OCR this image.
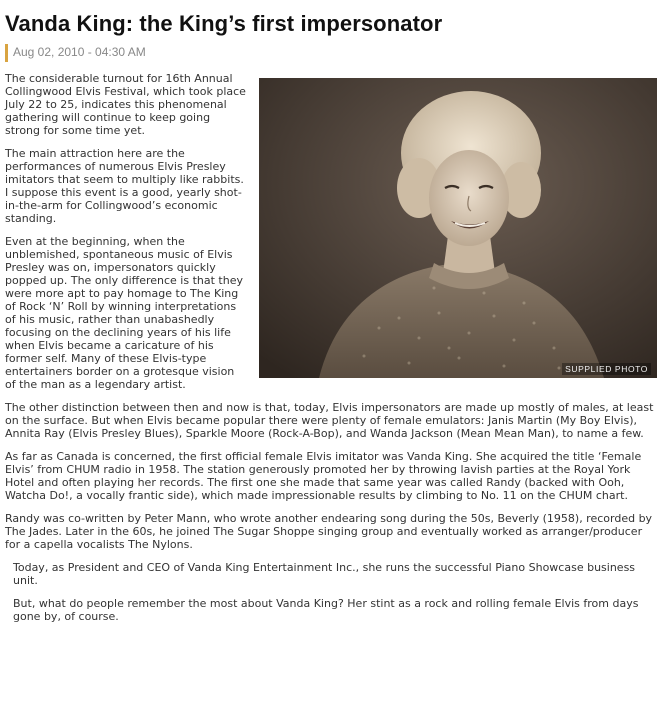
Vanda King: the King’s first impersonator
Aug 02, 2010 - 04:30 AM
SUPPLIED PHOTO

The considerable turnout for 16th Annual Collingwood Elvis Festival, which took place July 22 to 25, indicates this phenomenal gathering will continue to keep going strong for some time yet.

The main attraction here are the performances of numerous Elvis Presley imitators that seem to multiply like rabbits. I suppose this event is a good, yearly shot-in-the-arm for Collingwood’s economic standing.

Even at the beginning, when the unblemished, spontaneous music of Elvis Presley was on, impersonators quickly popped up. The only difference is that they were more apt to pay homage to The King of Rock ‘N’ Roll by winning interpretations of his music, rather than unabashedly focusing on the declining years of his life when Elvis became a caricature of his former self. Many of these Elvis-type entertainers border on a grotesque vision of the man as a legendary artist.

The other distinction between then and now is that, today, Elvis impersonators are made up mostly of males, at least on the surface. But when Elvis became popular there were plenty of female emulators: Janis Martin (My Boy Elvis), Annita Ray (Elvis Presley Blues), Sparkle Moore (Rock-A-Bop), and Wanda Jackson (Mean Mean Man), to name a few.

As far as Canada is concerned, the first official female Elvis imitator was Vanda King. She acquired the title ‘Female Elvis’ from CHUM radio in 1958. The station generously promoted her by throwing lavish parties at the Royal York Hotel and often playing her records. The first one she made that same year was called Randy (backed with Ooh, Watcha Do!, a vocally frantic side), which made impressionable results by climbing to No. 11 on the CHUM chart.

Randy was co-written by Peter Mann, who wrote another endearing song during the 50s, Beverly (1958), recorded by The Jades. Later in the 60s, he joined The Sugar Shoppe singing group and eventually worked as arranger/producer for a capella vocalists The Nylons.

Today, as President and CEO of Vanda King Entertainment Inc., she runs the successful Piano Showcase business unit.

But, what do people remember the most about Vanda King? Her stint as a rock and rolling female Elvis from days gone by, of course.
